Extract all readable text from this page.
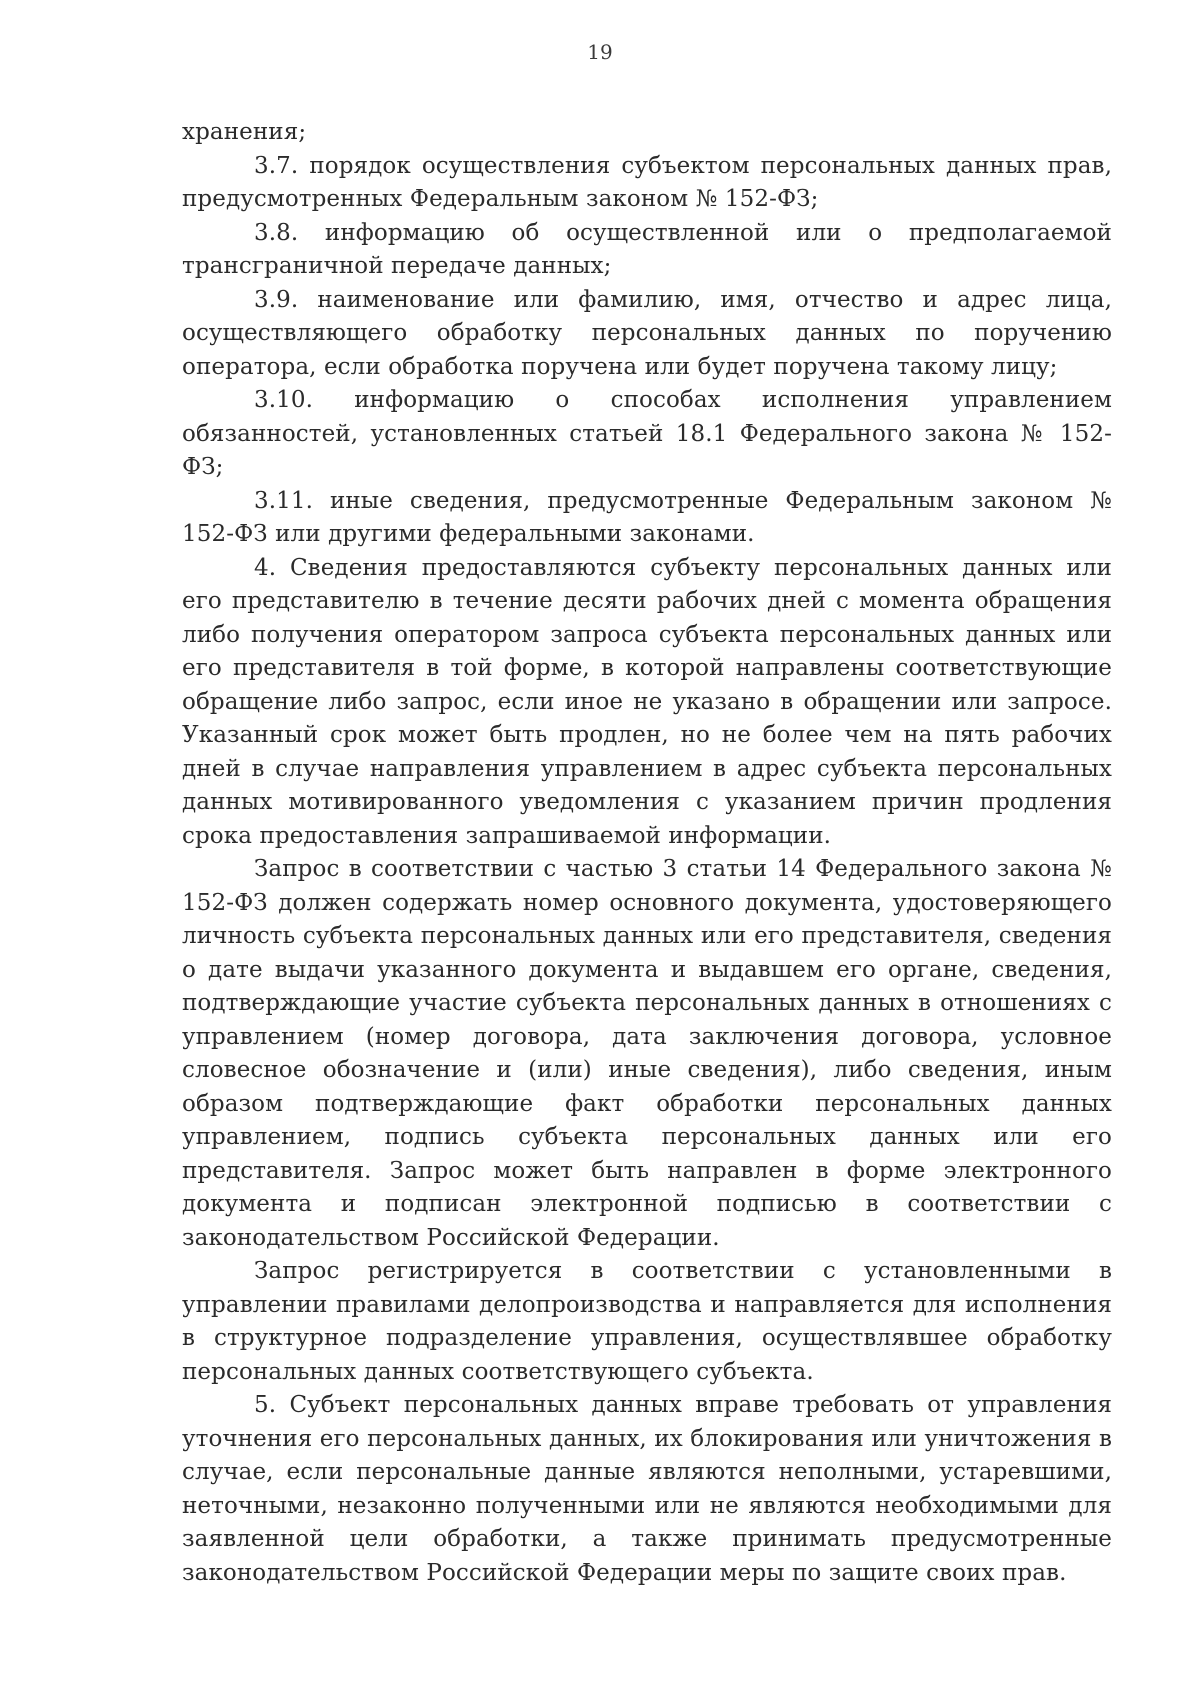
19

хранения;

3.7. порядок осуществления субъектом персональных данных прав, предусмотренных Федеральным законом № 152-ФЗ;

3.8. информацию об осуществленной или о предполагаемой трансграничной передаче данных;

3.9. наименование или фамилию, имя, отчество и адрес лица, осуществляющего обработку персональных данных по поручению оператора, если обработка поручена или будет поручена такому лицу;

3.10. информацию о способах исполнения управлением обязанностей, установленных статьей 18.1 Федерального закона № 152-ФЗ;

3.11. иные сведения, предусмотренные Федеральным законом № 152-ФЗ или другими федеральными законами.

4. Сведения предоставляются субъекту персональных данных или его представителю в течение десяти рабочих дней с момента обращения либо получения оператором запроса субъекта персональных данных или его представителя в той форме, в которой направлены соответствующие обращение либо запрос, если иное не указано в обращении или запросе. Указанный срок может быть продлен, но не более чем на пять рабочих дней в случае направления управлением в адрес субъекта персональных данных мотивированного уведомления с указанием причин продления срока предоставления запрашиваемой информации.

Запрос в соответствии с частью 3 статьи 14 Федерального закона № 152-ФЗ должен содержать номер основного документа, удостоверяющего личность субъекта персональных данных или его представителя, сведения о дате выдачи указанного документа и выдавшем его органе, сведения, подтверждающие участие субъекта персональных данных в отношениях с управлением (номер договора, дата заключения договора, условное словесное обозначение и (или) иные сведения), либо сведения, иным образом подтверждающие факт обработки персональных данных управлением, подпись субъекта персональных данных или его представителя. Запрос может быть направлен в форме электронного документа и подписан электронной подписью в соответствии с законодательством Российской Федерации.

Запрос регистрируется в соответствии с установленными в управлении правилами делопроизводства и направляется для исполнения в структурное подразделение управления, осуществлявшее обработку персональных данных соответствующего субъекта.

5. Субъект персональных данных вправе требовать от управления уточнения его персональных данных, их блокирования или уничтожения в случае, если персональные данные являются неполными, устаревшими, неточными, незаконно полученными или не являются необходимыми для заявленной цели обработки, а также принимать предусмотренные законодательством Российской Федерации меры по защите своих прав.
